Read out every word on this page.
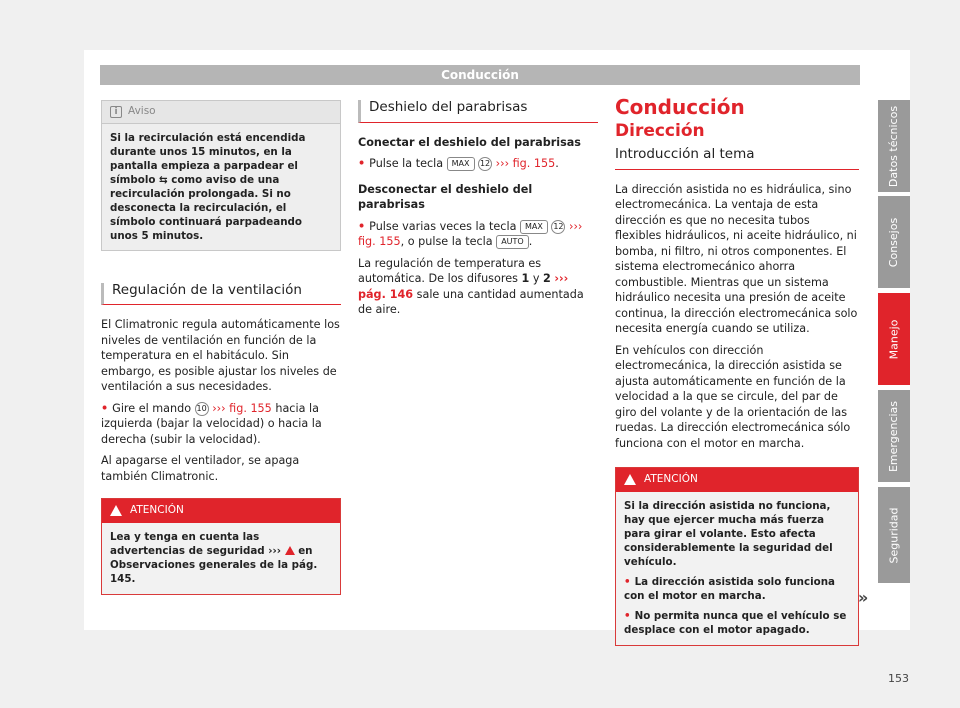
Conducción
i Aviso
Si la recirculación está encendida durante unos 15 minutos, en la pantalla empieza a parpadear el símbolo ⇆ como aviso de una recirculación prolongada. Si no desconecta la recirculación, el símbolo continuará parpadeando unos 5 minutos.
Regulación de la ventilación

El Climatronic regula automáticamente los niveles de ventilación en función de la temperatura en el habitáculo. Sin embargo, es posible ajustar los niveles de ventilación a sus necesidades.

• Gire el mando 10 ››› fig. 155 hacia la izquierda (bajar la velocidad) o hacia la derecha (subir la velocidad).

Al apagarse el ventilador, se apaga también Climatronic.

ATENCIÓN
Lea y tenga en cuenta las advertencias de seguridad ››› en Observaciones generales de la pág. 145.
Deshielo del parabrisas

Conectar el deshielo del parabrisas

• Pulse la tecla MAX 12 ››› fig. 155.

Desconectar el deshielo del parabrisas

• Pulse varias veces la tecla MAX 12 ››› fig. 155, o pulse la tecla AUTO .

La regulación de temperatura es automática. De los difusores 1 y 2 ››› pág. 146 sale una cantidad aumentada de aire.

Conducción
Dirección
Introducción al tema

La dirección asistida no es hidráulica, sino electromecánica. La ventaja de esta dirección es que no necesita tubos flexibles hidráulicos, ni aceite hidráulico, ni bomba, ni filtro, ni otros componentes. El sistema electromecánico ahorra combustible. Mientras que un sistema hidráulico necesita una presión de aceite continua, la dirección electromecánica solo necesita energía cuando se utiliza.

En vehículos con dirección electromecánica, la dirección asistida se ajusta automáticamente en función de la velocidad a la que se circule, del par de giro del volante y de la orientación de las ruedas. La dirección electromecánica sólo funciona con el motor en marcha.

ATENCIÓN

Si la dirección asistida no funciona, hay que ejercer mucha más fuerza para girar el volante. Esto afecta considerablemente la seguridad del vehículo.

• La dirección asistida solo funciona con el motor en marcha.

• No permita nunca que el vehículo se desplace con el motor apagado.

»
Datos técnicos
Consejos
Manejo
Emergencias
Seguridad
153
